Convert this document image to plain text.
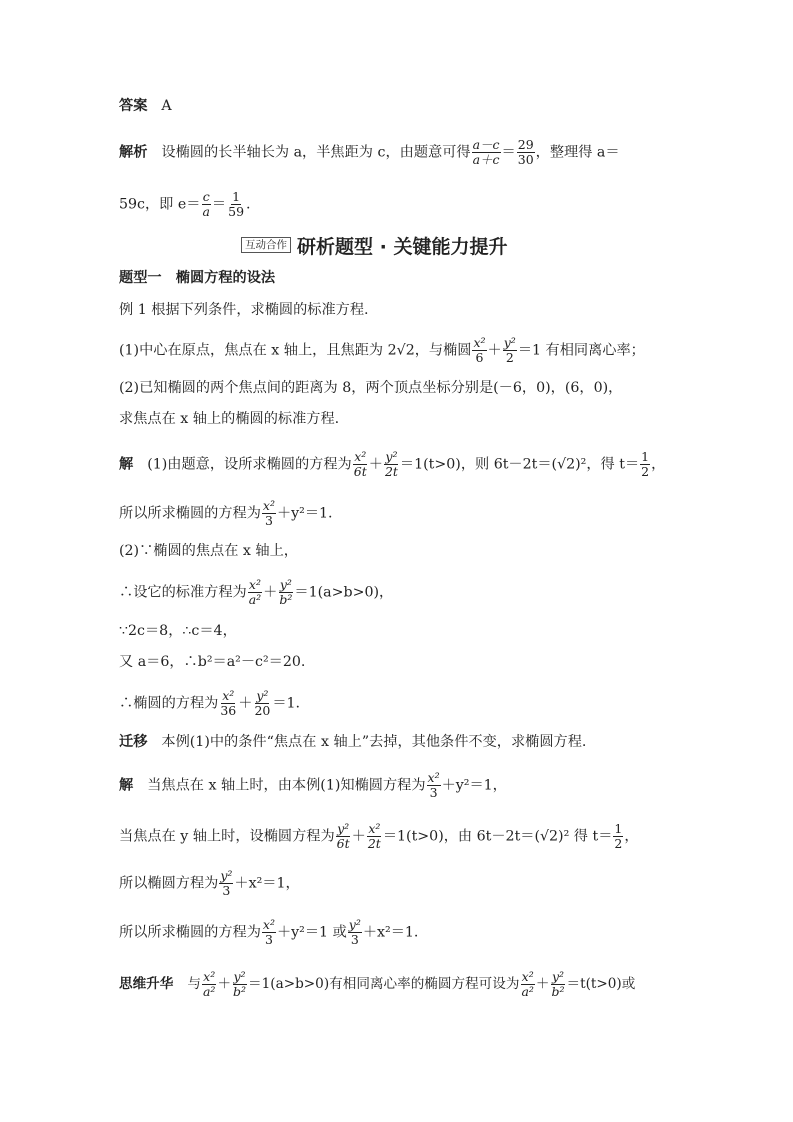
答案 A
解析 设椭圆的长半轴长为 a，半焦距为 c，由题意可得 $\frac{a-c}{a+c} = \frac{29}{30}$ ，整理得 a＝
59c，即 $e= \frac{c}{a} = \frac{1}{59}$ .
互动合作 研析题型 · 关键能力提升
题型一　椭圆方程的设法
例 1 根据下列条件，求椭圆的标准方程.
(1)中心在原点，焦点在 x 轴上，且焦距为 2√2，与椭圆 $\frac{\text{x²}}{6} + \frac{\text{y²}}{2} =1$ 有相同离心率；
(2)已知椭圆的两个焦点间的距离为 8，两个顶点坐标分别是(－6，0)，(6，0)，
求焦点在 x 轴上的椭圆的标准方程.
解 (1)由题意，设所求椭圆的方程为 $\frac{\text{x²}}{6t} + \frac{\text{y²}}{2t} =1(t>0)$，则 6t－2t＝(√2)²，得 $t= \frac{1}{2}$ ，
所以所求椭圆的方程为 $\frac{\text{x²}}{3} +y^2=1$.
(2)∵椭圆的焦点在 x 轴上，
∴设它的标准方程为 $\frac{\text{x²}}{\text{a²}} + \frac{\text{y²}}{\text{b²}} =1(a>b>0)$，
∵2c＝8，∴c＝4，
又 a＝6，∴b²＝a²－c²＝20.
∴椭圆的方程为 $\frac{\text{x²}}{36} + \frac{\text{y²}}{20} =1$.
迁移 本例(1)中的条件“焦点在 x 轴上”去掉，其他条件不变，求椭圆方程.
解 当焦点在 x 轴上时，由本例(1)知椭圆方程为 $\frac{\text{x²}}{3} +y^2=1$，
当焦点在 y 轴上时，设椭圆方程为 $\frac{\text{y²}}{6t} + \frac{\text{x²}}{2t} =1(t>0)$，由 6t－2t＝(√2)² 得 $t= \frac{1}{2}$ ，
所以椭圆方程为 $\frac{\text{y²}}{3} +x^2=1$，
所以所求椭圆的方程为 $\frac{\text{x²}}{3} +y^2=1$ 或 $\frac{\text{y²}}{3} +x^2=1$.
思维升华 与 $\frac{\text{x²}}{\text{a²}} + \frac{\text{y²}}{\text{b²}} =1(a>b>0)$有相同离心率的椭圆方程可设为 $\frac{\text{x²}}{\text{a²}} + \frac{\text{y²}}{\text{b²}} =t(t>0)$或
